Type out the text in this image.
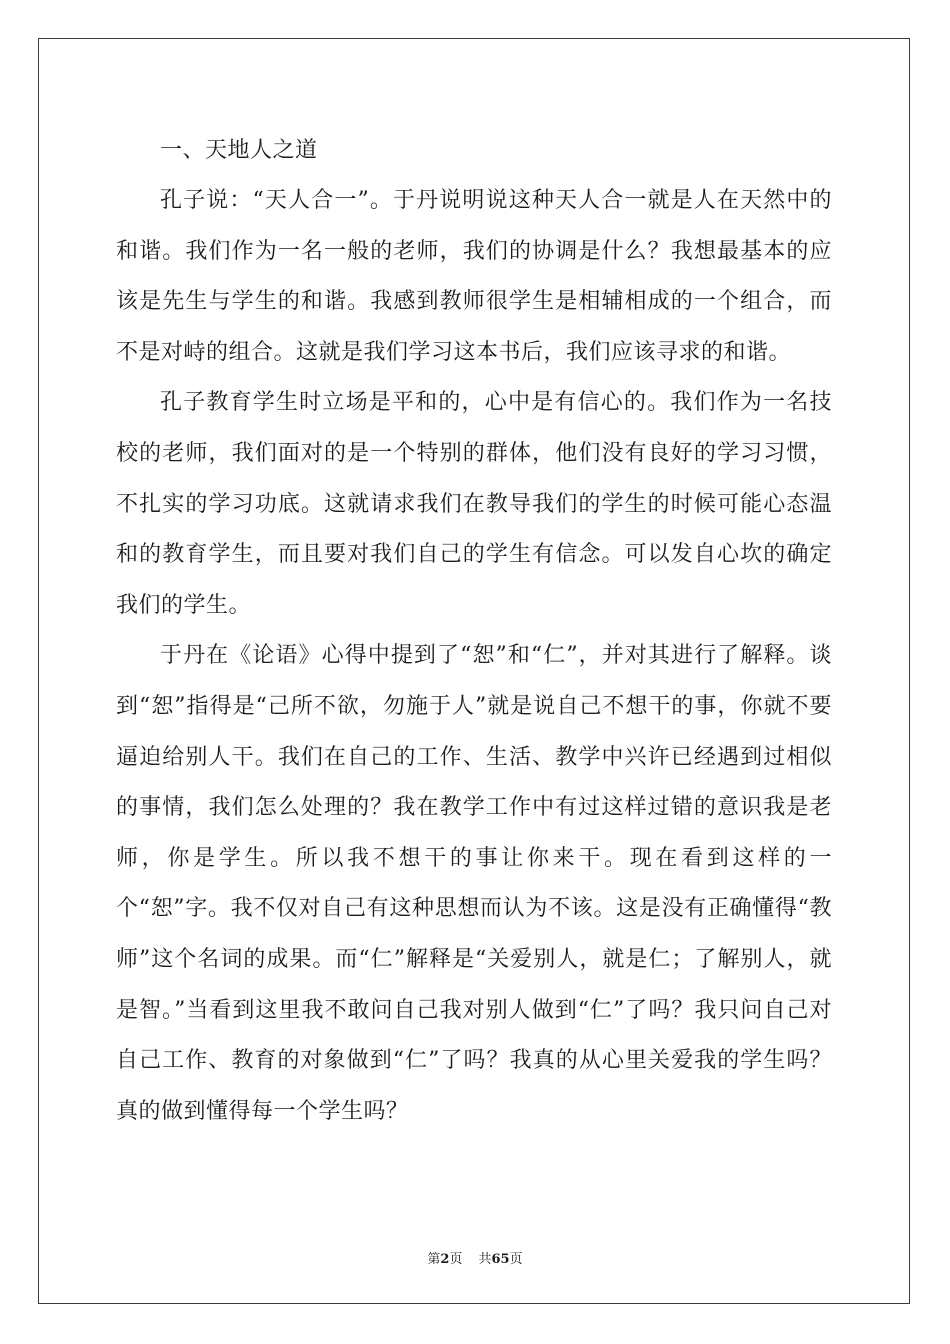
一、天地人之道

孔子说：“天人合一”。于丹说明说这种天人合一就是人在天然中的和谐。我们作为一名一般的老师，我们的协调是什么？我想最基本的应该是先生与学生的和谐。我感到教师很学生是相辅相成的一个组合，而不是对峙的组合。这就是我们学习这本书后，我们应该寻求的和谐。

孔子教育学生时立场是平和的，心中是有信心的。我们作为一名技校的老师，我们面对的是一个特别的群体，他们没有良好的学习习惯，不扎实的学习功底。这就请求我们在教导我们的学生的时候可能心态温和的教育学生，而且要对我们自己的学生有信念。可以发自心坎的确定我们的学生。

于丹在《论语》心得中提到了“恕”和“仁”，并对其进行了解释。谈到“恕”指得是“己所不欲，勿施于人”就是说自己不想干的事，你就不要逼迫给别人干。我们在自己的工作、生活、教学中兴许已经遇到过相似的事情，我们怎么处理的？我在教学工作中有过这样过错的意识我是老师，你是学生。所以我不想干的事让你来干。现在看到这样的一个“恕”字。我不仅对自己有这种思想而认为不该。这是没有正确懂得“教师”这个名词的成果。而“仁”解释是“关爱别人，就是仁；了解别人，就是智。”当看到这里我不敢问自己我对别人做到“仁”了吗？我只问自己对自己工作、教育的对象做到“仁”了吗？我真的从心里关爱我的学生吗？真的做到懂得每一个学生吗？

第2页 共65页
